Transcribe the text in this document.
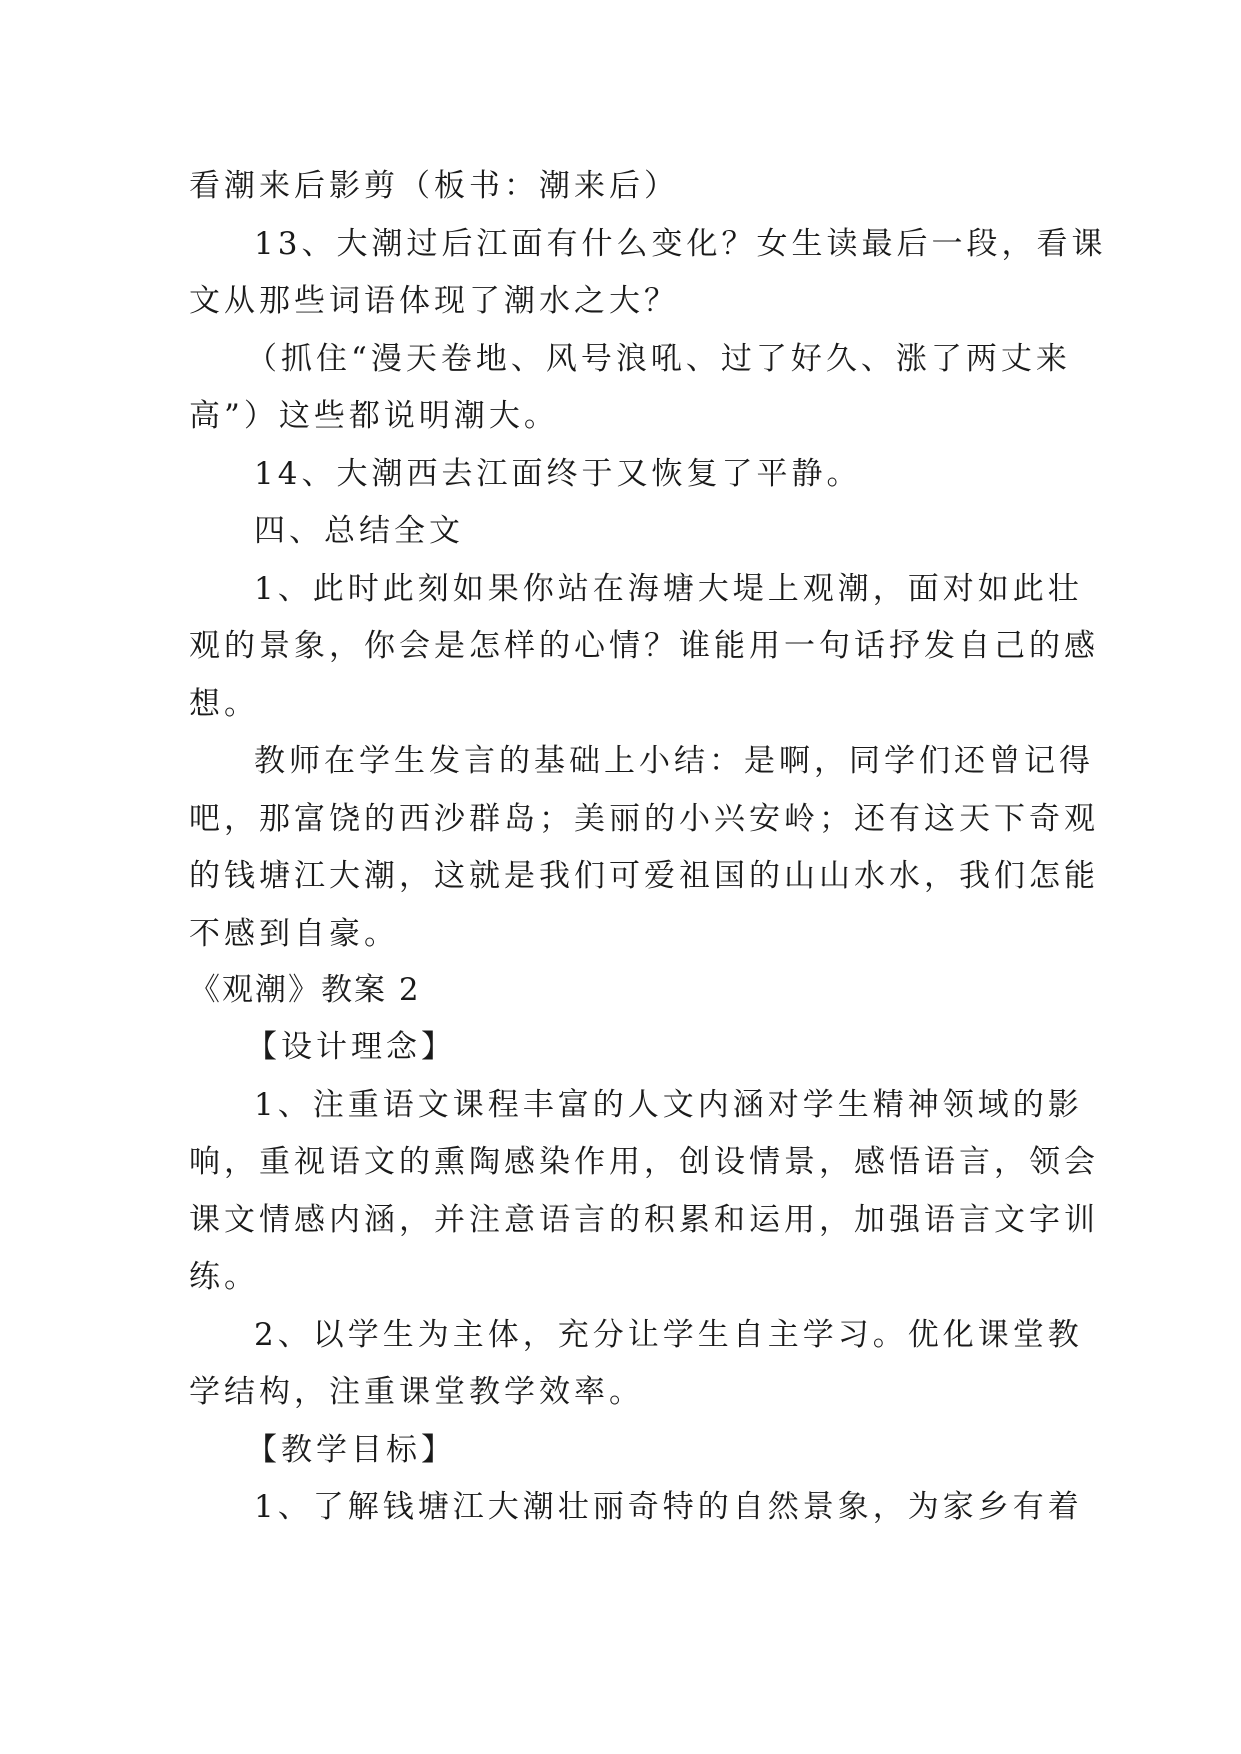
看潮来后影剪（板书：潮来后）
13、大潮过后江面有什么变化？女生读最后一段，看课
文从那些词语体现了潮水之大？
（抓住“漫天卷地、风号浪吼、过了好久、涨了两丈来
高”）这些都说明潮大。
14、大潮西去江面终于又恢复了平静。
四、总结全文
1、此时此刻如果你站在海塘大堤上观潮，面对如此壮
观的景象，你会是怎样的心情？谁能用一句话抒发自己的感
想。
教师在学生发言的基础上小结：是啊，同学们还曾记得
吧，那富饶的西沙群岛；美丽的小兴安岭；还有这天下奇观
的钱塘江大潮，这就是我们可爱祖国的山山水水，我们怎能
不感到自豪。
《观潮》教案 2
【设计理念】
1、注重语文课程丰富的人文内涵对学生精神领域的影
响，重视语文的熏陶感染作用，创设情景，感悟语言，领会
课文情感内涵，并注意语言的积累和运用，加强语言文字训
练。
2、以学生为主体，充分让学生自主学习。优化课堂教
学结构，注重课堂教学效率。
【教学目标】
1、了解钱塘江大潮壮丽奇特的自然景象，为家乡有着
